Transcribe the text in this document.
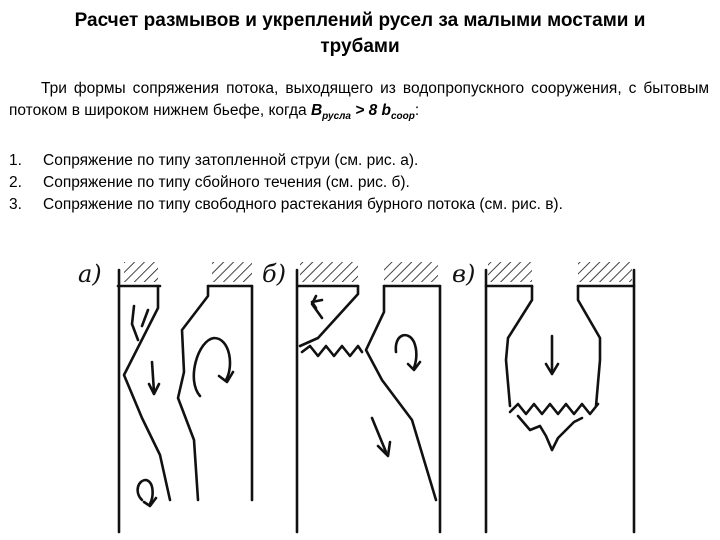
Расчет размывов и укреплений русел за малыми мостами и
трубами
Три формы сопряжения потока, выходящего из водопропускного сооружения, с бытовым потоком в широком нижнем бьефе, когда $B_{русла} > 8$ $b_{соор}$:
1.	Сопряжение по типу затопленной струи (см. рис. а).
2.	Сопряжение по типу сбойного течения (см. рис. б).
3.	Сопряжение по типу свободного растекания бурного потока (см. рис. в).
а)	б)	в)
